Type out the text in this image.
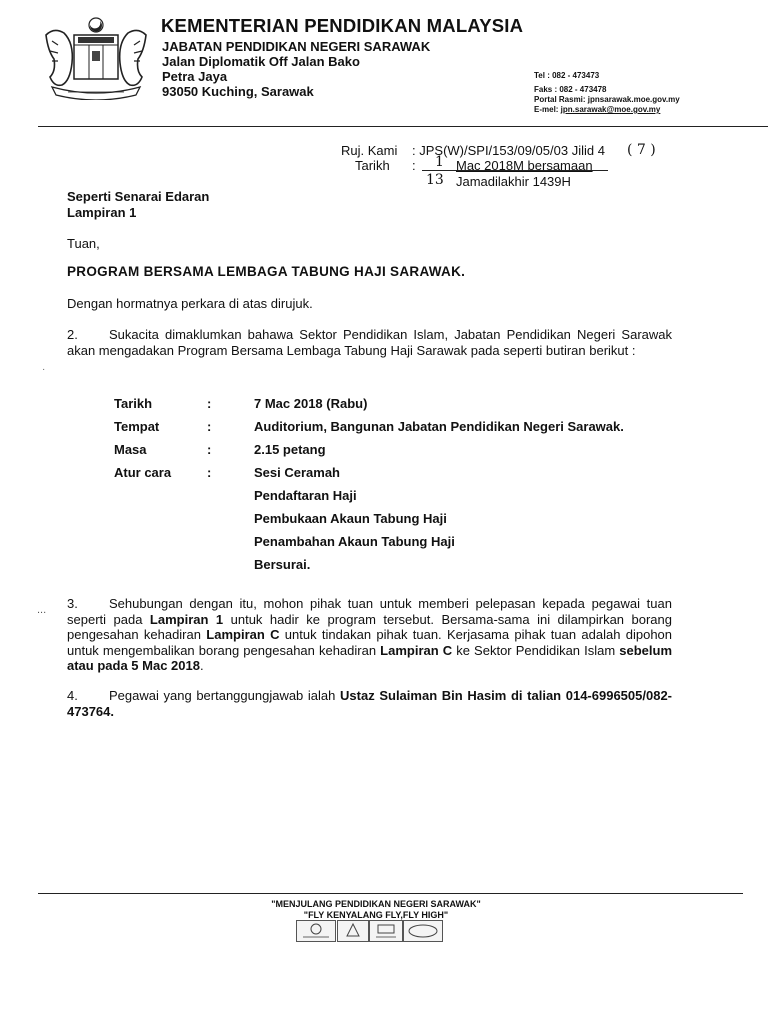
KEMENTERIAN PENDIDIKAN MALAYSIA
JABATAN PENDIDIKAN NEGERI SARAWAK
Jalan Diplomatik Off Jalan Bako
Petra Jaya
93050 Kuching, Sarawak
Tel : 082 - 473473
Faks : 082 - 473478
Portal Rasmi: jpnsarawak.moe.gov.my
E-mel: jpn.sarawak@moe.gov.my
Ruj. Kami : JPS(W)/SPI/153/09/05/03 Jilid 4 ( 7 )
Tarikh : 1 Mac 2018M bersamaan
13 Jamadilakhir 1439H
Seperti Senarai Edaran
Lampiran 1
Tuan,
PROGRAM BERSAMA LEMBAGA TABUNG HAJI SARAWAK.
Dengan hormatnya perkara di atas dirujuk.
2. Sukacita dimaklumkan bahawa Sektor Pendidikan Islam, Jabatan Pendidikan Negeri Sarawak akan mengadakan Program Bersama Lembaga Tabung Haji Sarawak pada seperti butiran berikut :
·
Tarikh	:	7 Mac 2018 (Rabu)
Tempat	:	Auditorium, Bangunan Jabatan Pendidikan Negeri Sarawak.
Masa	:	2.15 petang
Atur cara	:	Sesi Ceramah
Pendaftaran Haji
Pembukaan Akaun Tabung Haji
Penambahan Akaun Tabung Haji
Bersurai.
... 3. Sehubungan dengan itu, mohon pihak tuan untuk memberi pelepasan kepada pegawai tuan seperti pada Lampiran 1 untuk hadir ke program tersebut. Bersama-sama ini dilampirkan borang pengesahan kehadiran Lampiran C untuk tindakan pihak tuan. Kerjasama pihak tuan adalah dipohon untuk mengembalikan borang pengesahan kehadiran Lampiran C ke Sektor Pendidikan Islam sebelum atau pada 5 Mac 2018.
4. Pegawai yang bertanggungjawab ialah Ustaz Sulaiman Bin Hasim di talian 014-6996505/082-473764.
"MENJULANG PENDIDIKAN NEGERI SARAWAK"
"FLY KENYALANG FLY,FLY HIGH"
